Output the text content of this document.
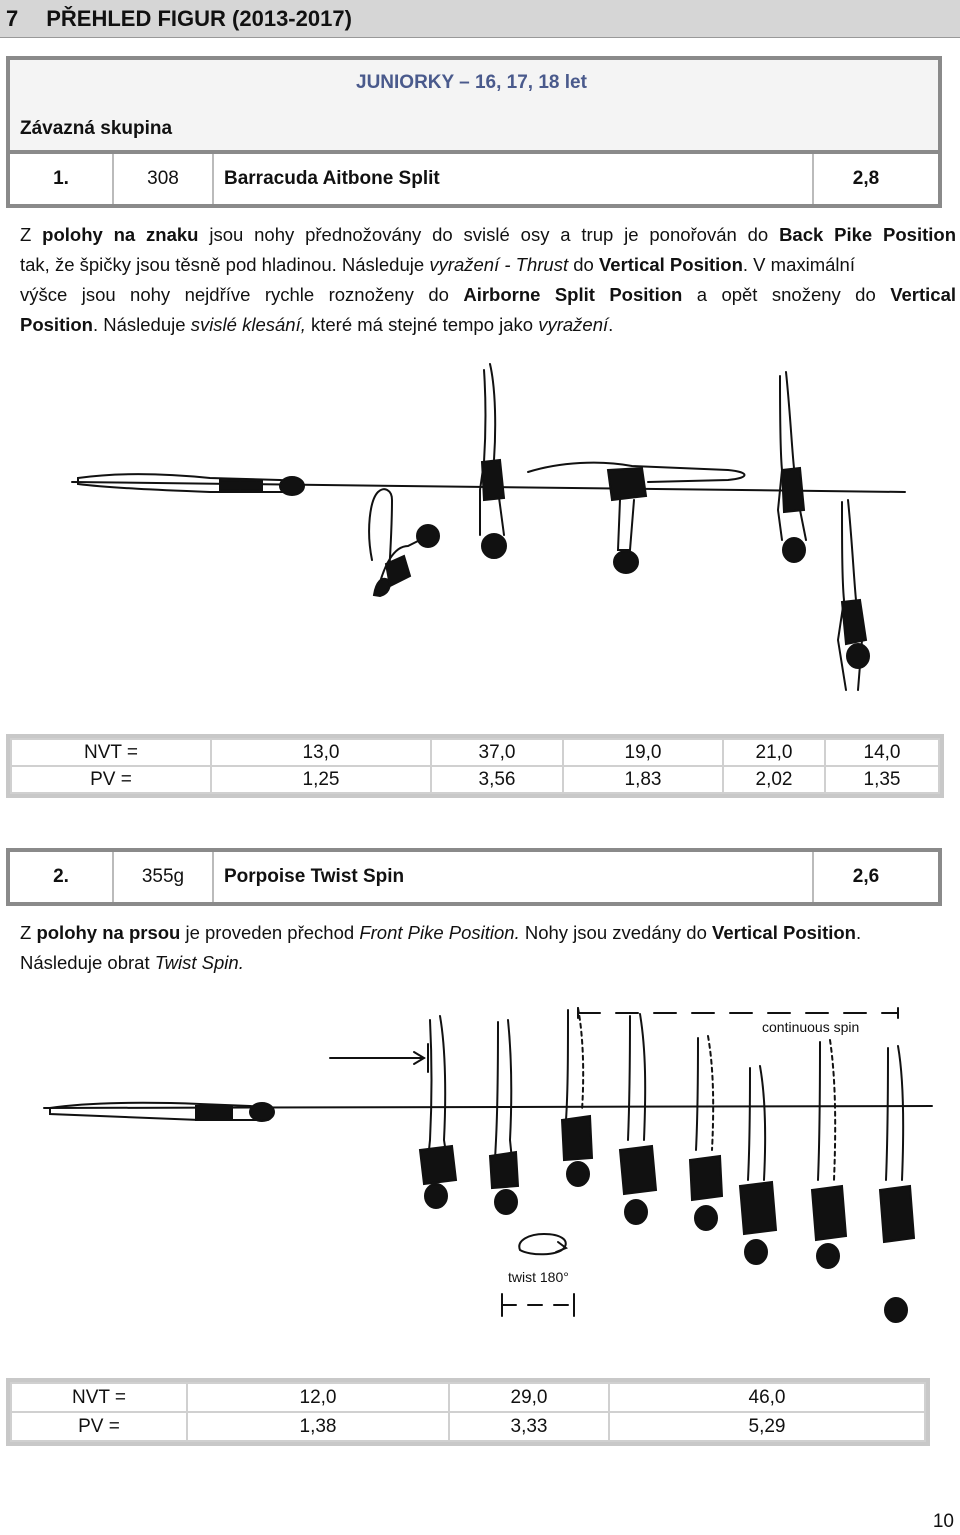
7 PŘEHLED FIGUR (2013-2017)
JUNIORKY – 16, 17, 18 let
Závazná skupina
1.	308	Barracuda Aitbone Split	2,8
Z polohy na znaku jsou nohy přednožovány do svislé osy a trup je ponořován do Back Pike Position
tak, že špičky jsou těsně pod hladinou. Následuje vyražení - Thrust do Vertical Position. V maximální
výšce jsou nohy nejdříve rychle roznoženy do Airborne Split Position a opět snoženy do Vertical
Position. Následuje svislé klesání, které má stejné tempo jako vyražení.
NVT =	13,0	37,0	19,0	21,0	14,0
PV =	1,25	3,56	1,83	2,02	1,35
2.	355g	Porpoise Twist Spin	2,6
Z polohy na prsou je proveden přechod Front Pike Position. Nohy jsou zvedány do Vertical Position.
Následuje obrat Twist Spin.
continuous spin
twist 180°
NVT =	12,0	29,0	46,0
PV =	1,38	3,33	5,29
10
